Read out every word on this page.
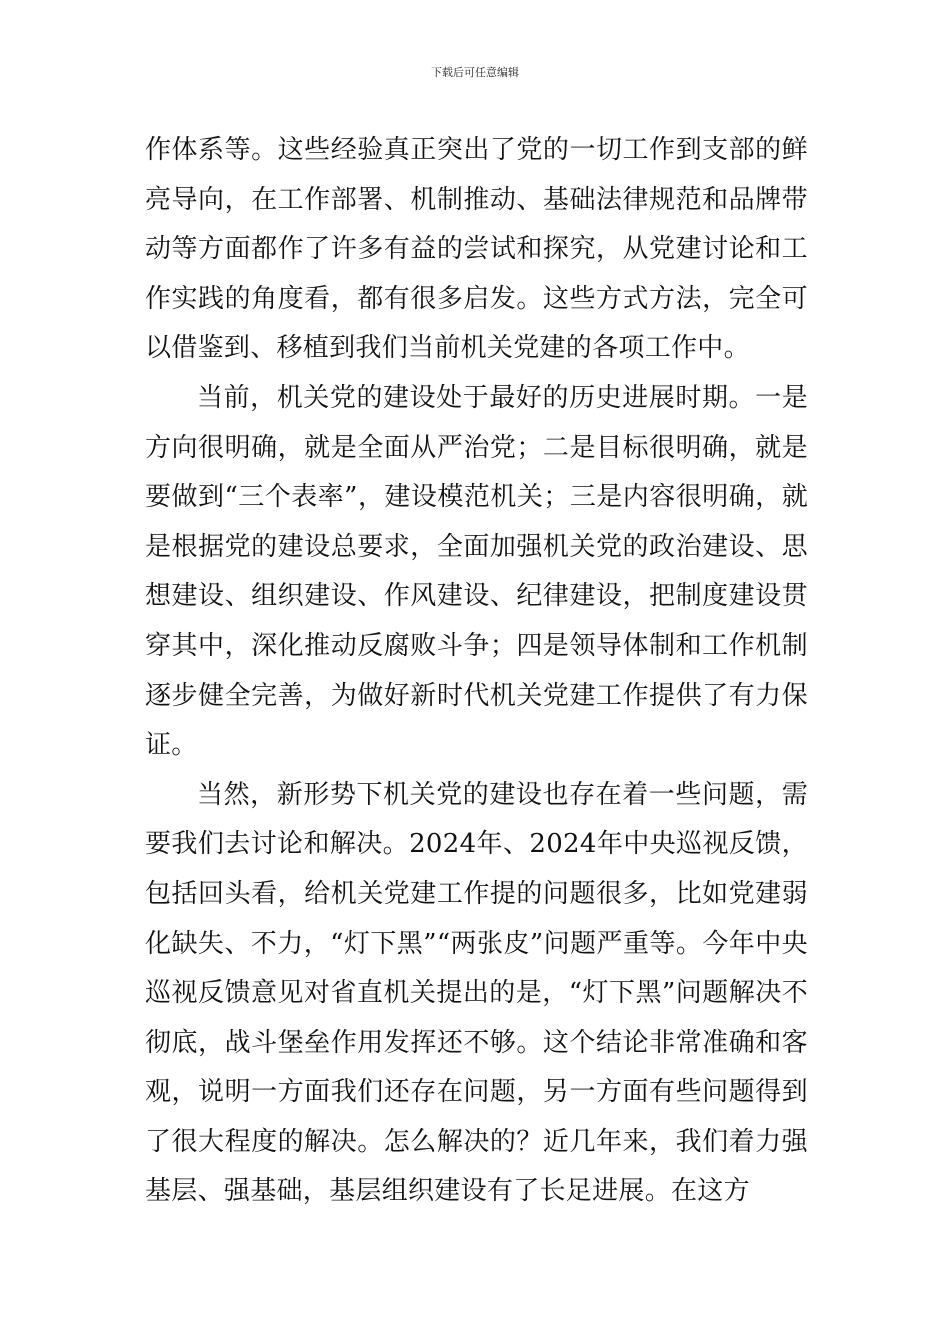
下载后可任意编辑

作体系等。这些经验真正突出了党的一切工作到支部的鲜亮导向，在工作部署、机制推动、基础法律规范和品牌带动等方面都作了许多有益的尝试和探究，从党建讨论和工作实践的角度看，都有很多启发。这些方式方法，完全可以借鉴到、移植到我们当前机关党建的各项工作中。

当前，机关党的建设处于最好的历史进展时期。一是方向很明确，就是全面从严治党；二是目标很明确，就是要做到“三个表率”，建设模范机关；三是内容很明确，就是根据党的建设总要求，全面加强机关党的政治建设、思想建设、组织建设、作风建设、纪律建设，把制度建设贯穿其中，深化推动反腐败斗争；四是领导体制和工作机制逐步健全完善，为做好新时代机关党建工作提供了有力保证。

当然，新形势下机关党的建设也存在着一些问题，需要我们去讨论和解决。2024年、2024年中央巡视反馈，包括回头看，给机关党建工作提的问题很多，比如党建弱化缺失、不力，“灯下黑”“两张皮”问题严重等。今年中央巡视反馈意见对省直机关提出的是，“灯下黑”问题解决不彻底，战斗堡垒作用发挥还不够。这个结论非常准确和客观，说明一方面我们还存在问题，另一方面有些问题得到了很大程度的解决。怎么解决的？近几年来，我们着力强基层、强基础，基层组织建设有了长足进展。在这方
